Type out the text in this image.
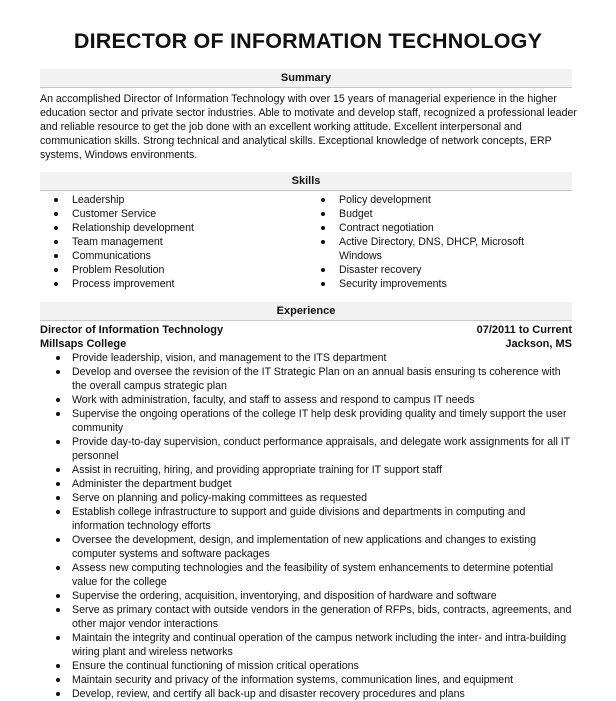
DIRECTOR OF INFORMATION TECHNOLOGY
Summary

An accomplished Director of Information Technology with over 15 years of managerial experience in the higher education sector and private sector industries. Able to motivate and develop staff, recognized a professional leader and reliable resource to get the job done with an excellent working attitude. Excellent interpersonal and communication skills. Strong technical and analytical skills. Exceptional knowledge of network concepts, ERP systems, Windows environments.

Skills
Leadership
Customer Service
Relationship development
Team management
Communications
Problem Resolution
Process improvement
Policy development
Budget
Contract negotiation
Active Directory, DNS, DHCP, Microsoft Windows
Disaster recovery
Security improvements
Experience
Director of Information Technology	07/2011 to Current
Millsaps College	Jackson, MS
Provide leadership, vision, and management to the ITS department
Develop and oversee the revision of the IT Strategic Plan on an annual basis ensuring ts coherence with the overall campus strategic plan
Work with administration, faculty, and staff to assess and respond to campus IT needs
Supervise the ongoing operations of the college IT help desk providing quality and timely support the user community
Provide day-to-day supervision, conduct performance appraisals, and delegate work assignments for all IT personnel
Assist in recruiting, hiring, and providing appropriate training for IT support staff
Administer the department budget
Serve on planning and policy-making committees as requested
Establish college infrastructure to support and guide divisions and departments in computing and information technology efforts
Oversee the development, design, and implementation of new applications and changes to existing computer systems and software packages
Assess new computing technologies and the feasibility of system enhancements to determine potential value for the college
Supervise the ordering, acquisition, inventorying, and disposition of hardware and software
Serve as primary contact with outside vendors in the generation of RFPs, bids, contracts, agreements, and other major vendor interactions
Maintain the integrity and continual operation of the campus network including the inter- and intra-building wiring plant and wireless networks
Ensure the continual functioning of mission critical operations
Maintain security and privacy of the information systems, communication lines, and equipment
Develop, review, and certify all back-up and disaster recovery procedures and plans
